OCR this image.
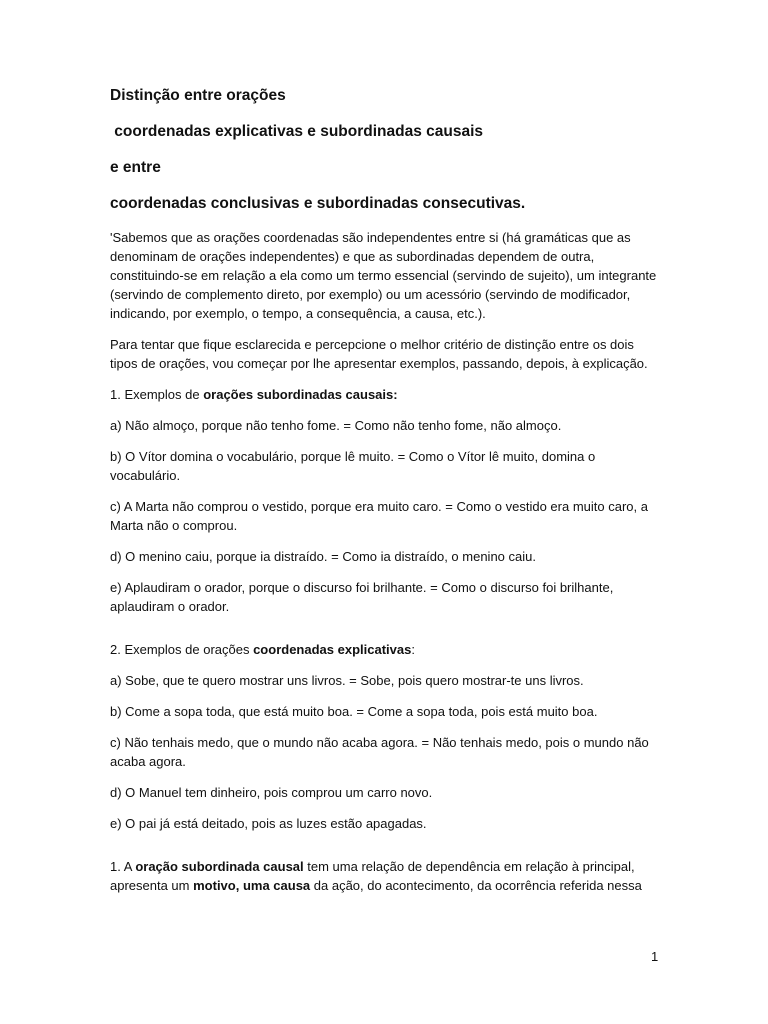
Distinção entre orações
coordenadas explicativas e subordinadas causais
e entre
coordenadas conclusivas e subordinadas consecutivas.

'Sabemos que as orações coordenadas são independentes entre si (há gramáticas que as denominam de orações independentes) e que as subordinadas dependem de outra, constituindo-se em relação a ela como um termo essencial (servindo de sujeito), um integrante (servindo de complemento direto, por exemplo) ou um acessório (servindo de modificador, indicando, por exemplo, o tempo, a consequência, a causa, etc.).

Para tentar que fique esclarecida e percepcione o melhor critério de distinção entre os dois tipos de orações, vou começar por lhe apresentar exemplos, passando, depois, à explicação.

1. Exemplos de orações subordinadas causais:

a) Não almoço, porque não tenho fome. = Como não tenho fome, não almoço.

b) O Vítor domina o vocabulário, porque lê muito. = Como o Vítor lê muito, domina o vocabulário.

c) A Marta não comprou o vestido, porque era muito caro. = Como o vestido era muito caro, a Marta não o comprou.

d) O menino caiu, porque ia distraído. = Como ia distraído, o menino caiu.

e) Aplaudiram o orador, porque o discurso foi brilhante. = Como o discurso foi brilhante, aplaudiram o orador.

2. Exemplos de orações coordenadas explicativas:

a) Sobe, que te quero mostrar uns livros. = Sobe, pois quero mostrar-te uns livros.

b) Come a sopa toda, que está muito boa. = Come a sopa toda, pois está muito boa.

c) Não tenhais medo, que o mundo não acaba agora. = Não tenhais medo, pois o mundo não acaba agora.

d) O Manuel tem dinheiro, pois comprou um carro novo.

e) O pai já está deitado, pois as luzes estão apagadas.

1. A oração subordinada causal tem uma relação de dependência em relação à principal, apresenta um motivo, uma causa da ação, do acontecimento, da ocorrência referida nessa

1
